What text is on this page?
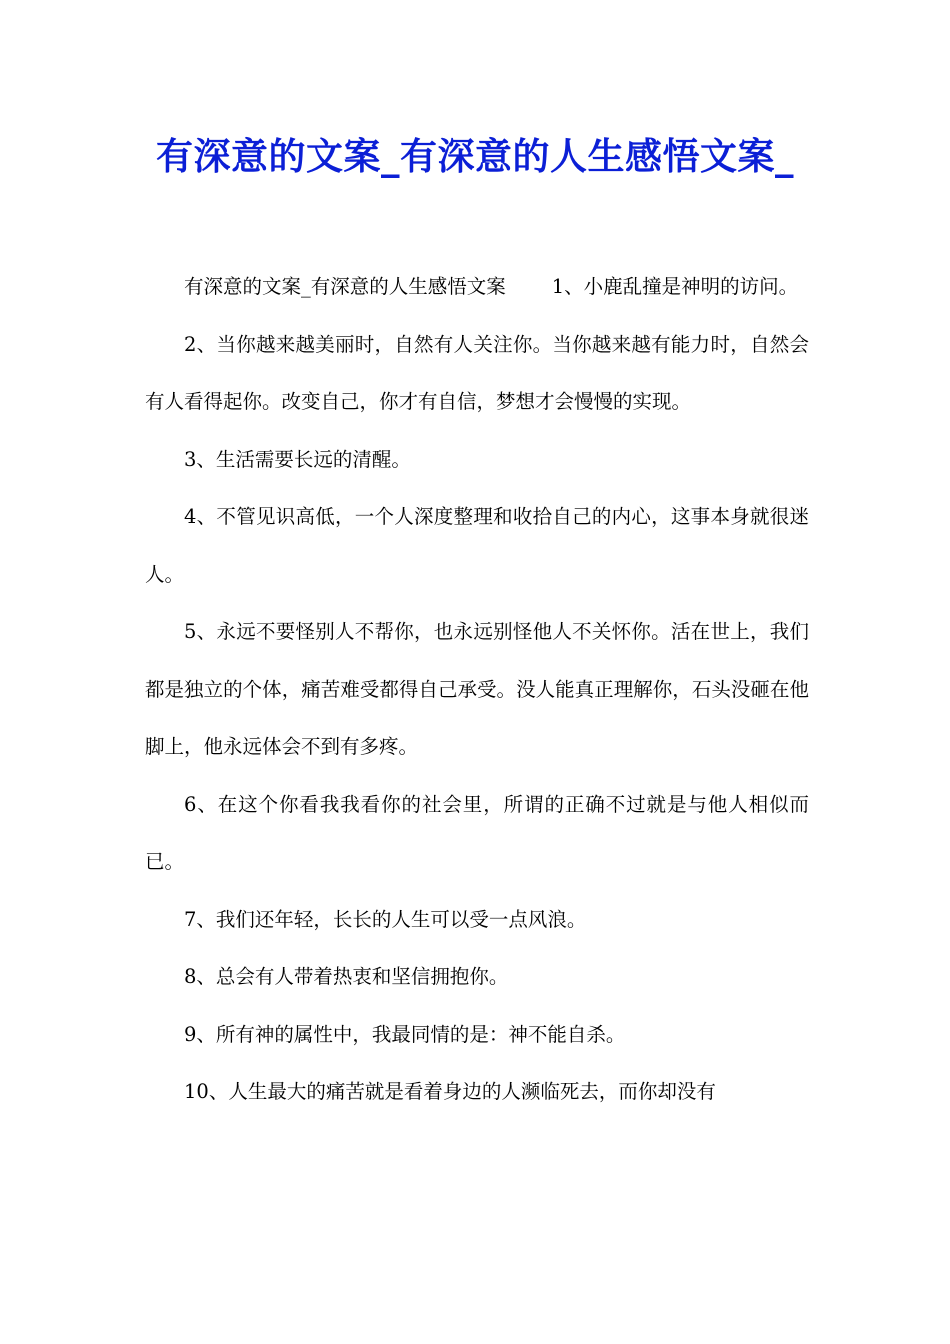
有深意的文案_有深意的人生感悟文案_

有深意的文案_有深意的人生感悟文案 1、小鹿乱撞是神明的访问。

2、当你越来越美丽时，自然有人关注你。当你越来越有能力时，自然会有人看得起你。改变自己，你才有自信，梦想才会慢慢的实现。

3、生活需要长远的清醒。

4、不管见识高低，一个人深度整理和收拾自己的内心，这事本身就很迷人。

5、永远不要怪别人不帮你，也永远别怪他人不关怀你。活在世上，我们都是独立的个体，痛苦难受都得自己承受。没人能真正理解你，石头没砸在他脚上，他永远体会不到有多疼。

6、在这个你看我我看你的社会里，所谓的正确不过就是与他人相似而已。

7、我们还年轻，长长的人生可以受一点风浪。

8、总会有人带着热衷和坚信拥抱你。

9、所有神的属性中，我最同情的是：神不能自杀。

10、人生最大的痛苦就是看着身边的人濒临死去，而你却没有
